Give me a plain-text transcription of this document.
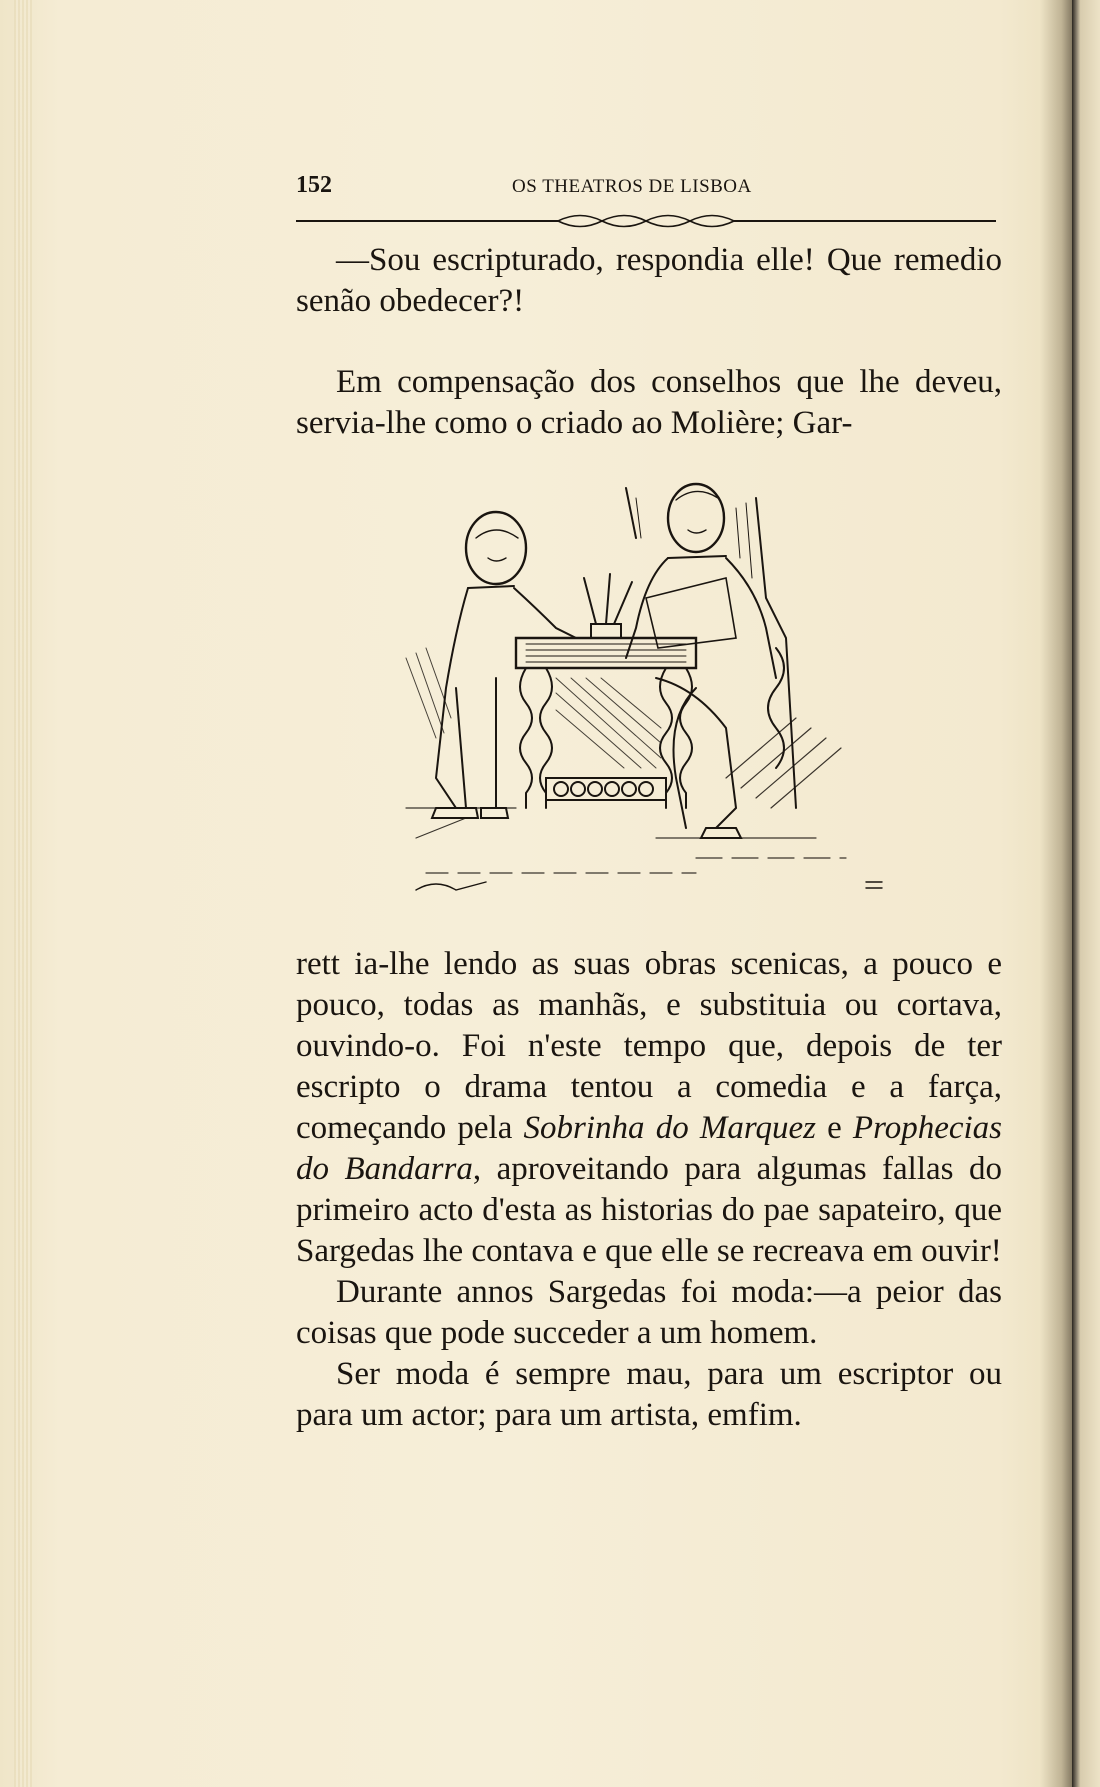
152	OS THEATROS DE LISBOA

—Sou escripturado, respondia elle! Que remedio senão obedecer?!

Em compensação dos conselhos que lhe deveu, servia-lhe como o criado ao Molière; Gar-

rett ia-lhe lendo as suas obras scenicas, a pouco e pouco, todas as manhãs, e substituia ou cortava, ouvindo-o. Foi n'este tempo que, depois de ter escripto o drama tentou a comedia e a farça, começando pela Sobrinha do Marquez e Prophecias do Bandarra, aproveitando para algumas fallas do primeiro acto d'esta as historias do pae sapateiro, que Sargedas lhe contava e que elle se recreava em ouvir!

Durante annos Sargedas foi moda:—a peior das coisas que pode succeder a um homem.

Ser moda é sempre mau, para um escriptor ou para um actor; para um artista, emfim.
